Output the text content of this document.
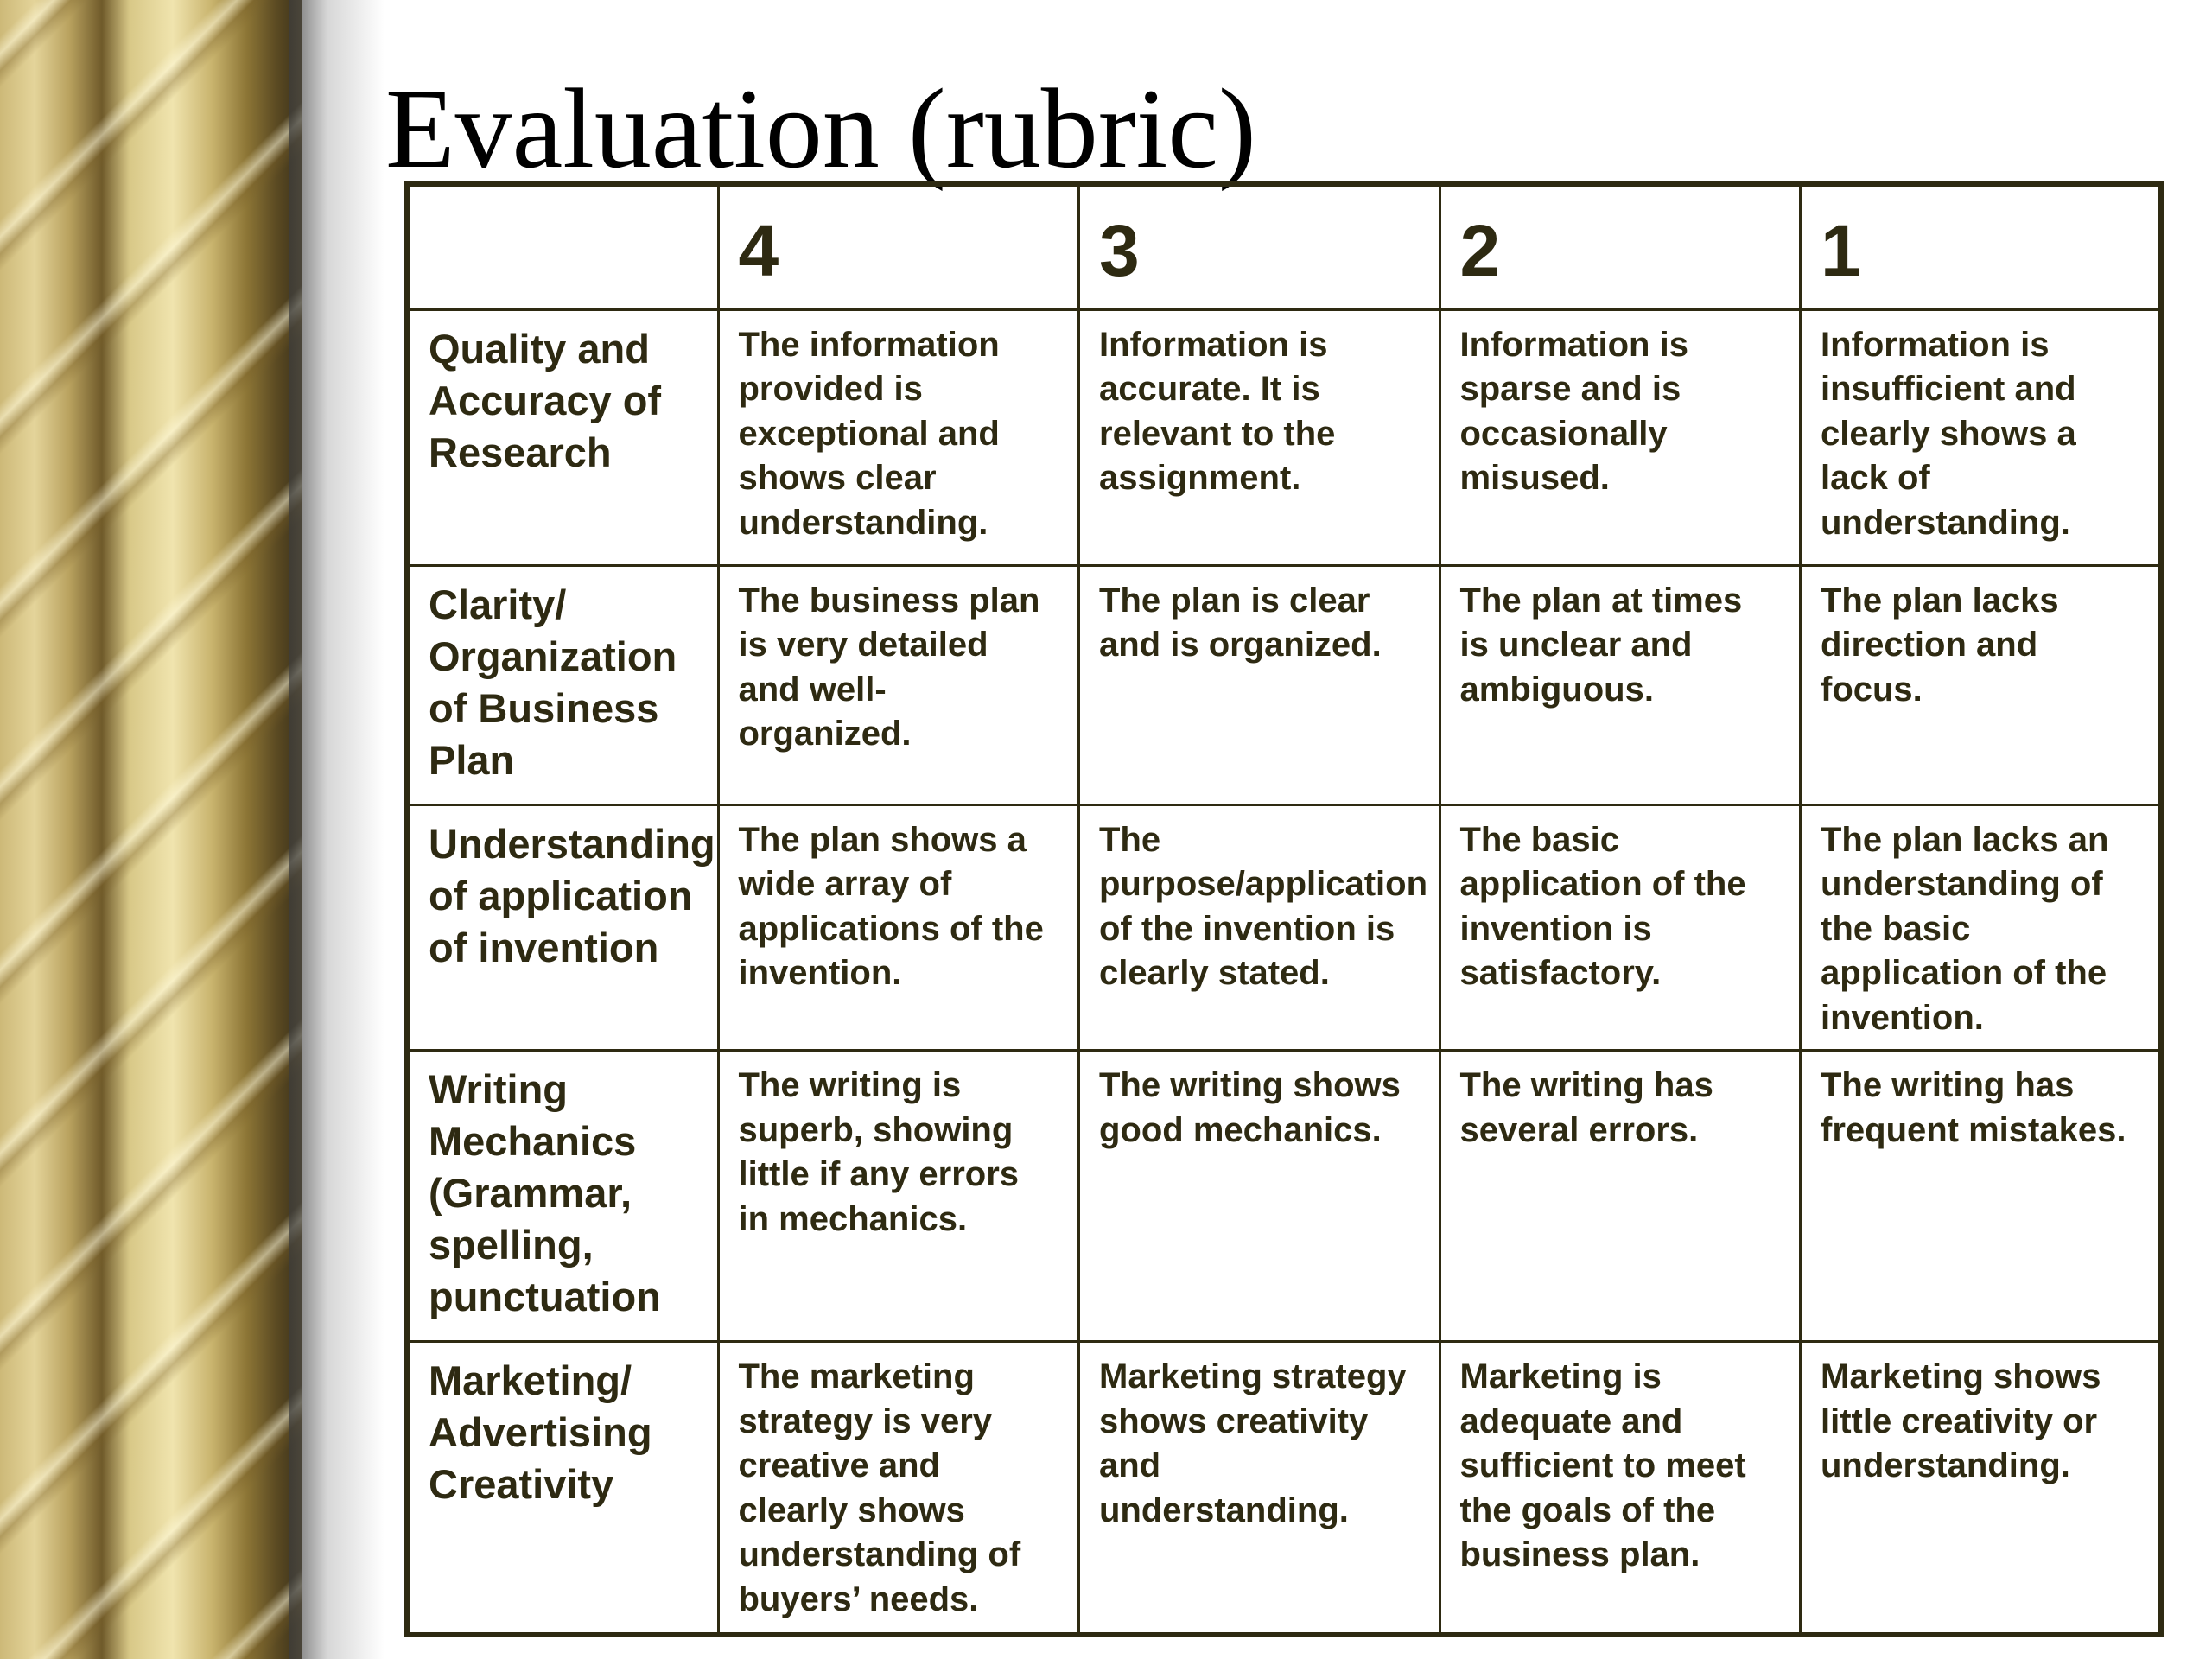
Evaluation (rubric)
	4	3	2	1
Quality and Accuracy of Research	The information provided is exceptional and shows clear understanding.	Information is accurate. It is relevant to the assignment.	Information is sparse and is occasionally misused.	Information is insufficient and clearly shows a lack of understanding.
Clarity/ Organization of Business Plan	The business plan is very detailed and well-organized.	The plan is clear and is organized.	The plan at times is unclear and ambiguous.	The plan lacks direction and focus.
Understanding of application of invention	The plan shows a wide array of applications of the invention.	The purpose/application of the invention is clearly stated.	The basic application of the invention is satisfactory.	The plan lacks an understanding of the basic application of the invention.
Writing Mechanics (Grammar, spelling, punctuation	The writing is superb, showing little if any errors in mechanics.	The writing shows good mechanics.	The writing has several errors.	The writing has frequent mistakes.
Marketing/ Advertising Creativity	The marketing strategy is very creative and clearly shows understanding of buyers’ needs.	Marketing strategy shows creativity and understanding.	Marketing is adequate and sufficient to meet the goals of the business plan.	Marketing shows little creativity or understanding.
